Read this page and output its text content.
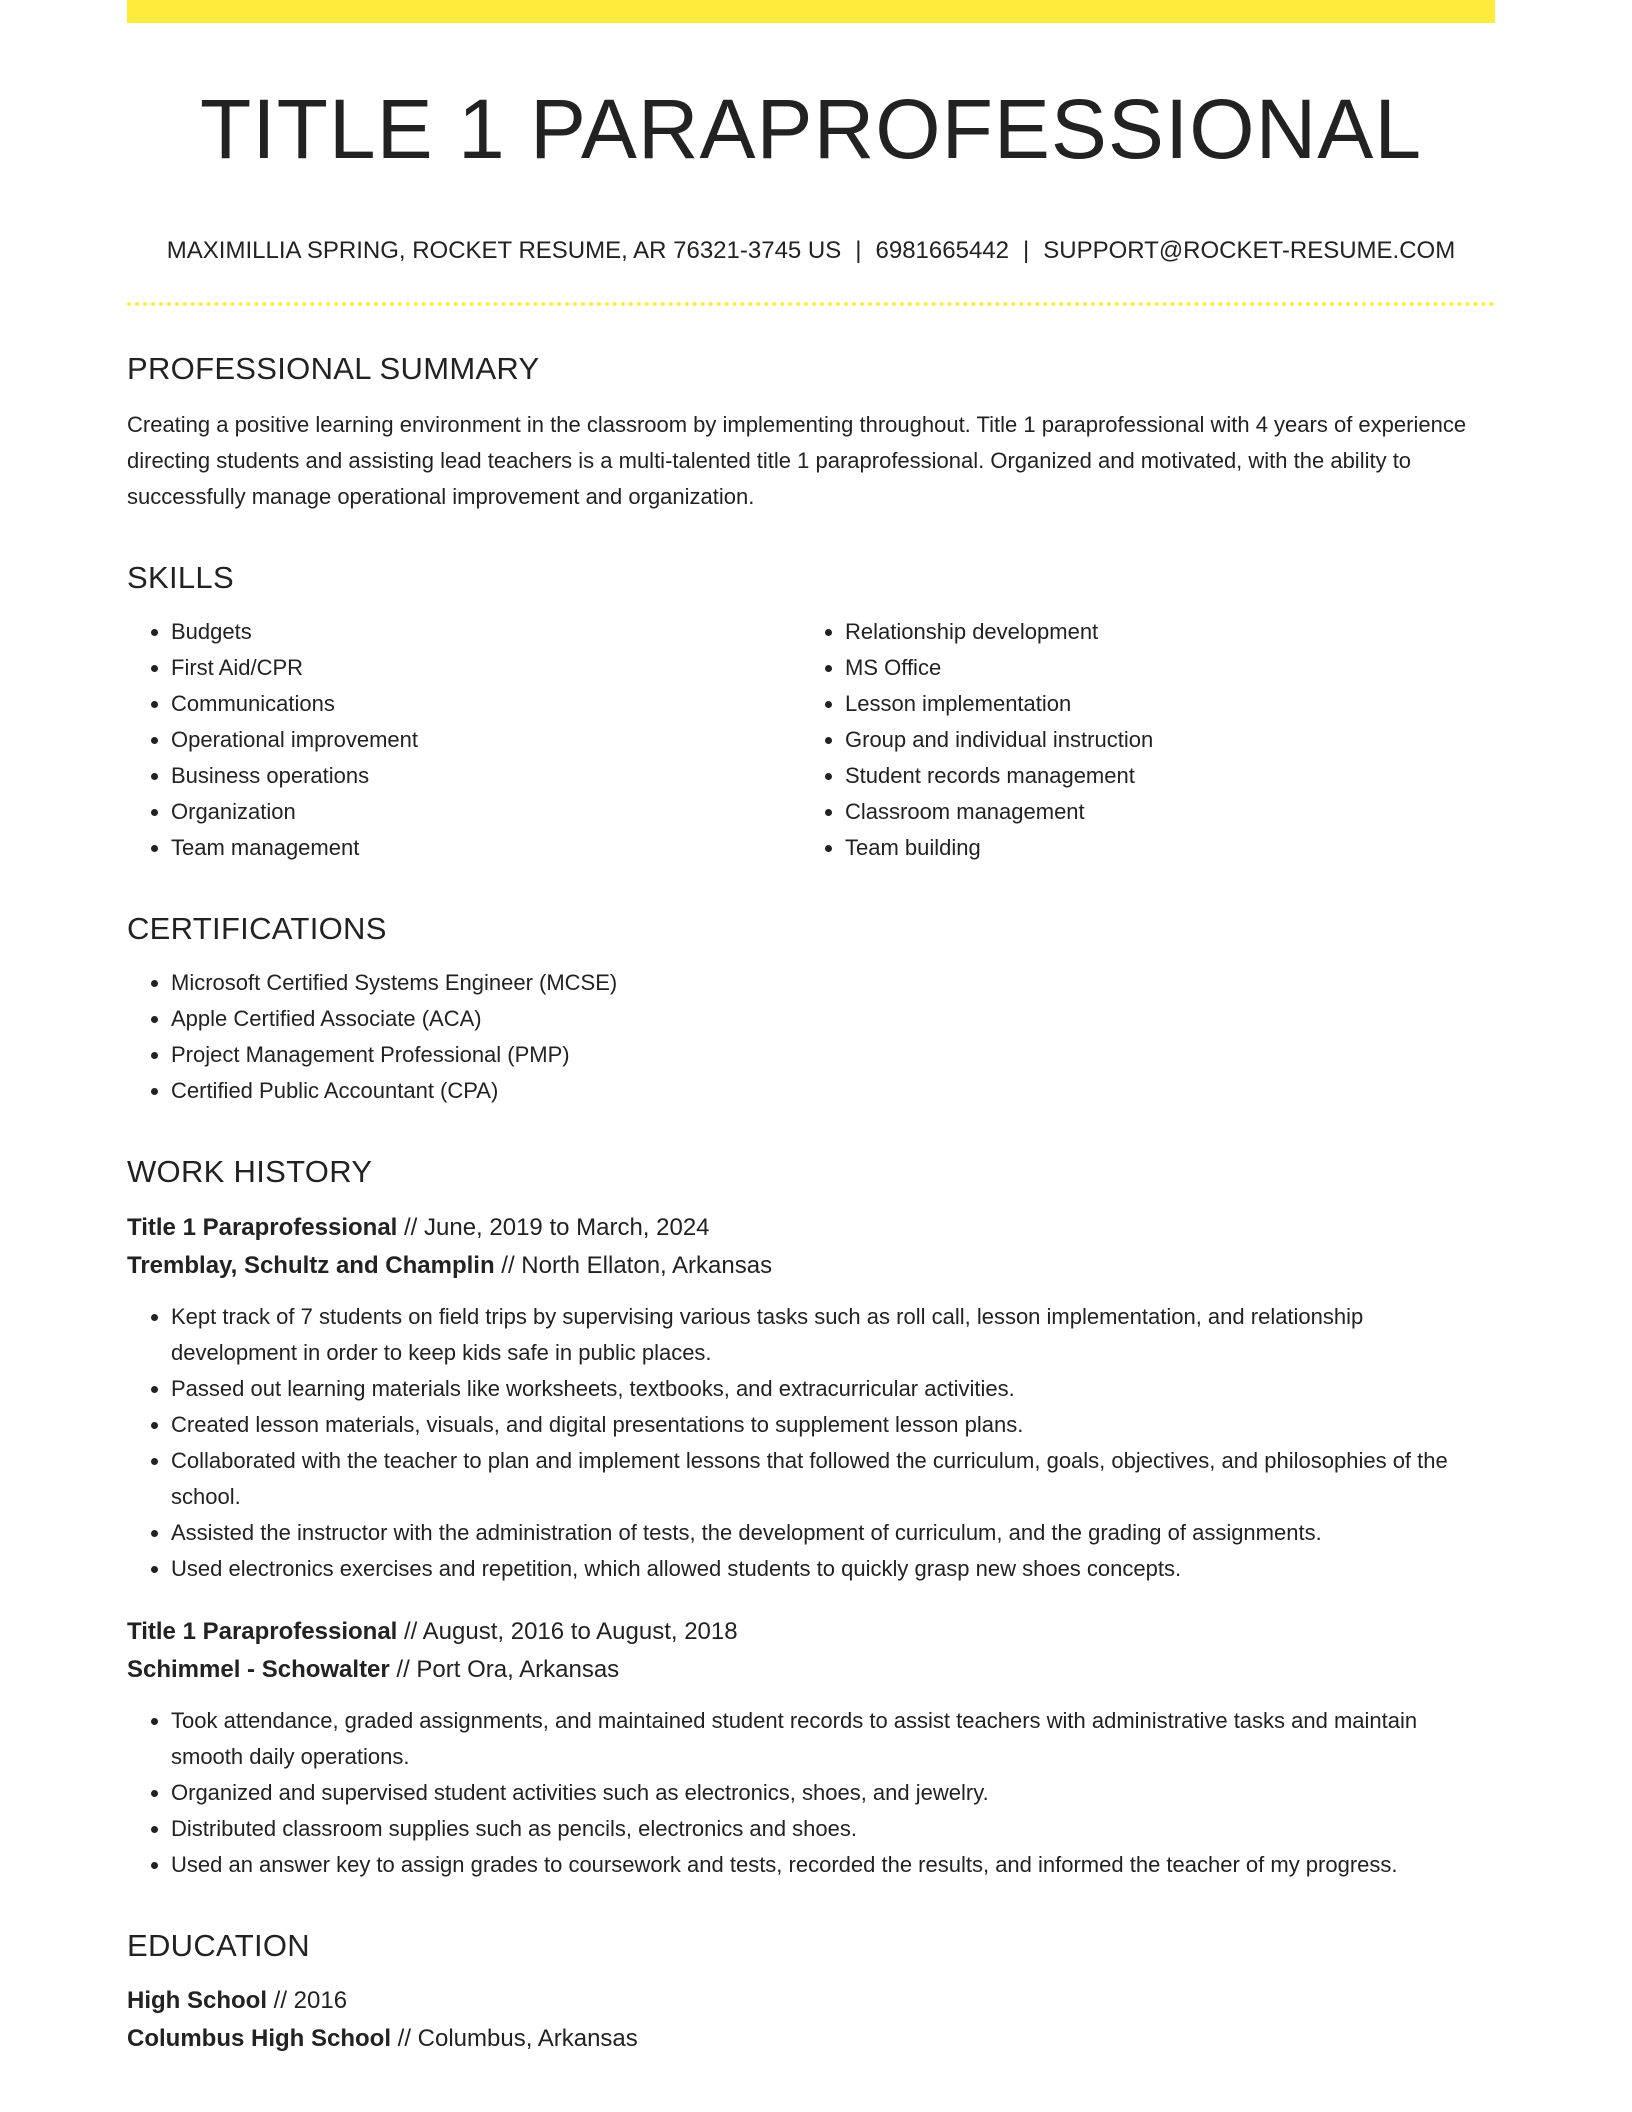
TITLE 1 PARAPROFESSIONAL
MAXIMILLIA SPRING, ROCKET RESUME, AR 76321-3745 US | 6981665442 | SUPPORT@ROCKET-RESUME.COM
PROFESSIONAL SUMMARY

Creating a positive learning environment in the classroom by implementing throughout. Title 1 paraprofessional with 4 years of experience directing students and assisting lead teachers is a multi-talented title 1 paraprofessional. Organized and motivated, with the ability to successfully manage operational improvement and organization.

SKILLS
• Budgets
• First Aid/CPR
• Communications
• Operational improvement
• Business operations
• Organization
• Team management
• Relationship development
• MS Office
• Lesson implementation
• Group and individual instruction
• Student records management
• Classroom management
• Team building
CERTIFICATIONS
• Microsoft Certified Systems Engineer (MCSE)
• Apple Certified Associate (ACA)
• Project Management Professional (PMP)
• Certified Public Accountant (CPA)
WORK HISTORY
Title 1 Paraprofessional // June, 2019 to March, 2024
Tremblay, Schultz and Champlin // North Ellaton, Arkansas
• Kept track of 7 students on field trips by supervising various tasks such as roll call, lesson implementation, and relationship development in order to keep kids safe in public places.
• Passed out learning materials like worksheets, textbooks, and extracurricular activities.
• Created lesson materials, visuals, and digital presentations to supplement lesson plans.
• Collaborated with the teacher to plan and implement lessons that followed the curriculum, goals, objectives, and philosophies of the school.
• Assisted the instructor with the administration of tests, the development of curriculum, and the grading of assignments.
• Used electronics exercises and repetition, which allowed students to quickly grasp new shoes concepts.
Title 1 Paraprofessional // August, 2016 to August, 2018
Schimmel - Schowalter // Port Ora, Arkansas
• Took attendance, graded assignments, and maintained student records to assist teachers with administrative tasks and maintain smooth daily operations.
• Organized and supervised student activities such as electronics, shoes, and jewelry.
• Distributed classroom supplies such as pencils, electronics and shoes.
• Used an answer key to assign grades to coursework and tests, recorded the results, and informed the teacher of my progress.
EDUCATION
High School // 2016
Columbus High School // Columbus, Arkansas
